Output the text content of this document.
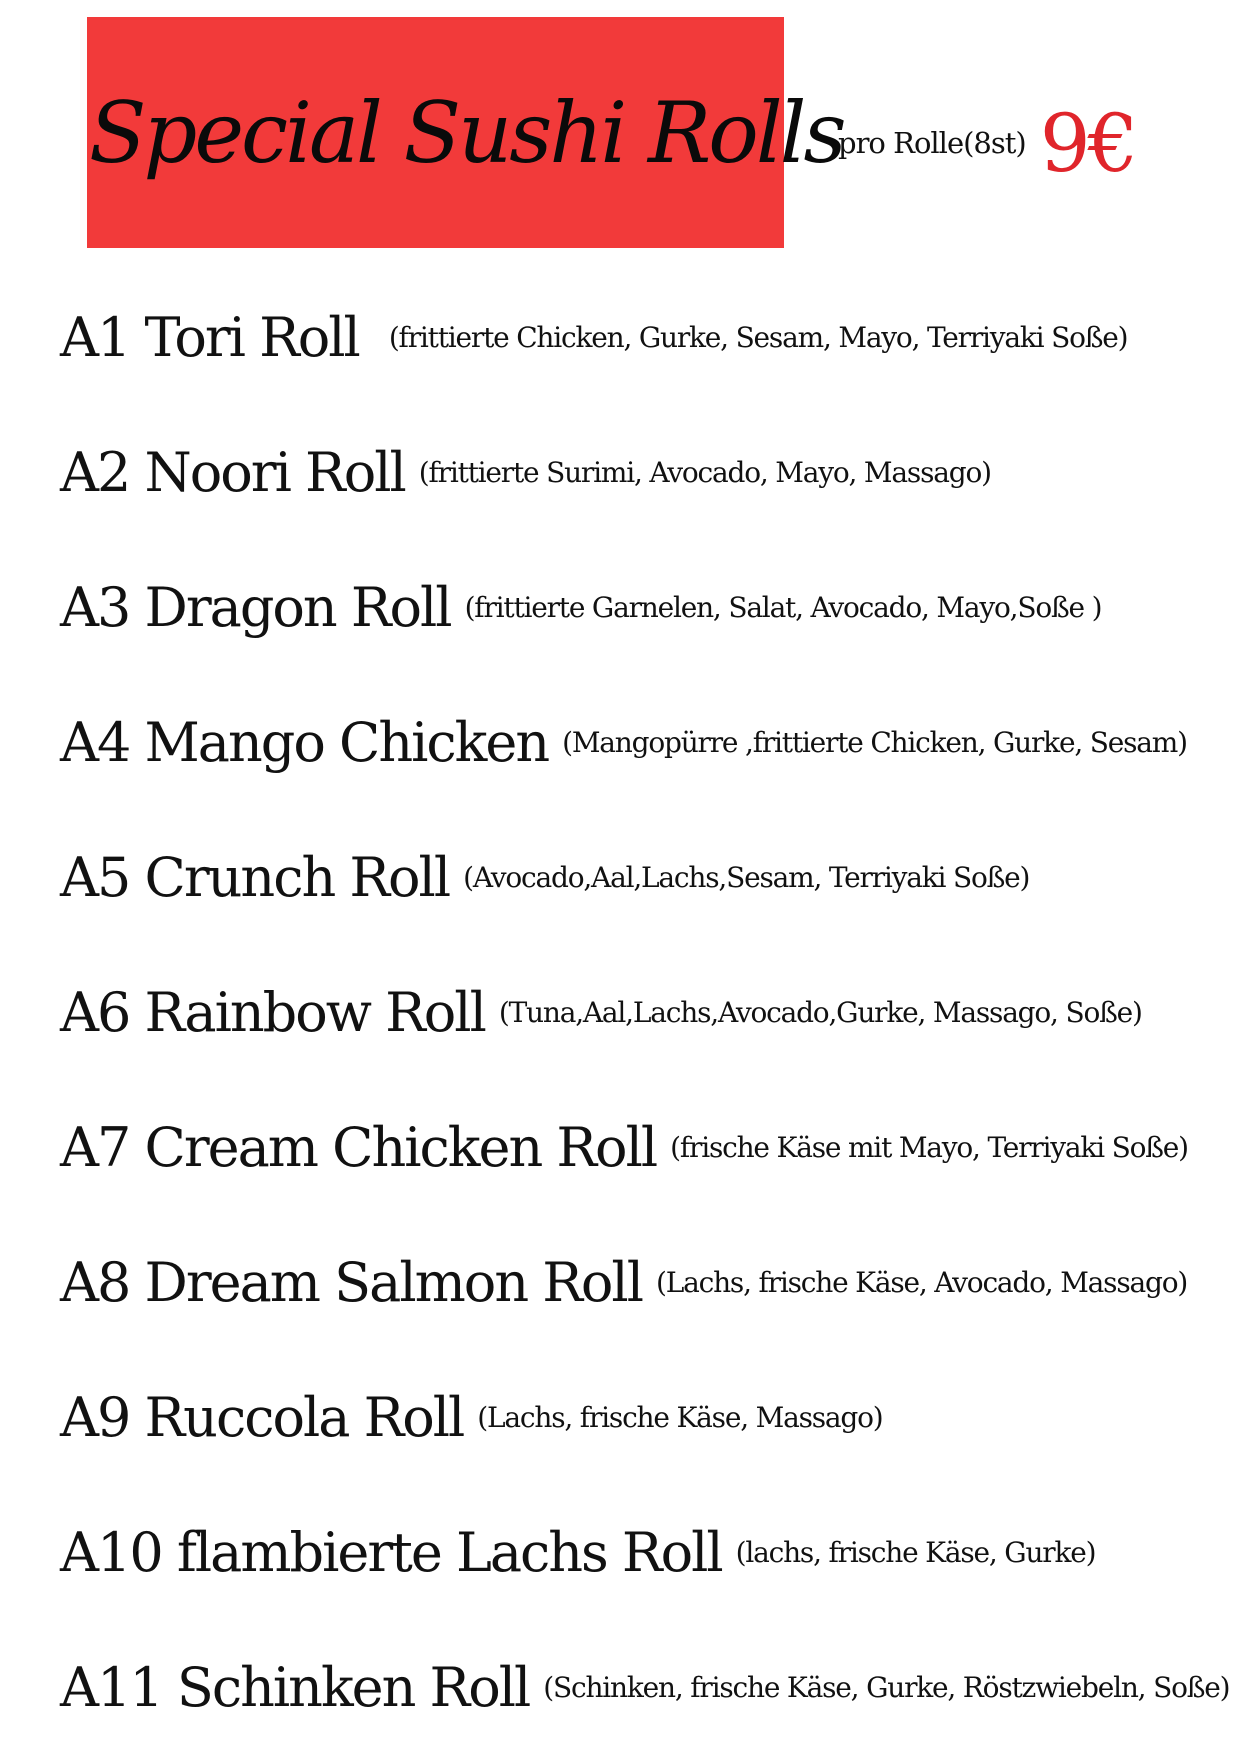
Special Sushi Rolls
pro Rolle(8st) 9€
A1 Tori Roll (frittierte Chicken, Gurke, Sesam, Mayo, Terriyaki Soße)
A2 Noori Roll (frittierte Surimi, Avocado, Mayo, Massago)
A3 Dragon Roll (frittierte Garnelen, Salat, Avocado, Mayo,Soße )
A4 Mango Chicken (Mangopürre ,frittierte Chicken, Gurke, Sesam)
A5 Crunch Roll (Avocado,Aal,Lachs,Sesam, Terriyaki Soße)
A6 Rainbow Roll (Tuna,Aal,Lachs,Avocado,Gurke, Massago, Soße)
A7 Cream Chicken Roll (frische Käse mit Mayo, Terriyaki Soße)
A8 Dream Salmon Roll (Lachs, frische Käse, Avocado, Massago)
A9 Ruccola Roll (Lachs, frische Käse, Massago)
A10 flambierte Lachs Roll (lachs, frische Käse, Gurke)
A11 Schinken Roll (Schinken, frische Käse, Gurke, Röstzwiebeln, Soße)
